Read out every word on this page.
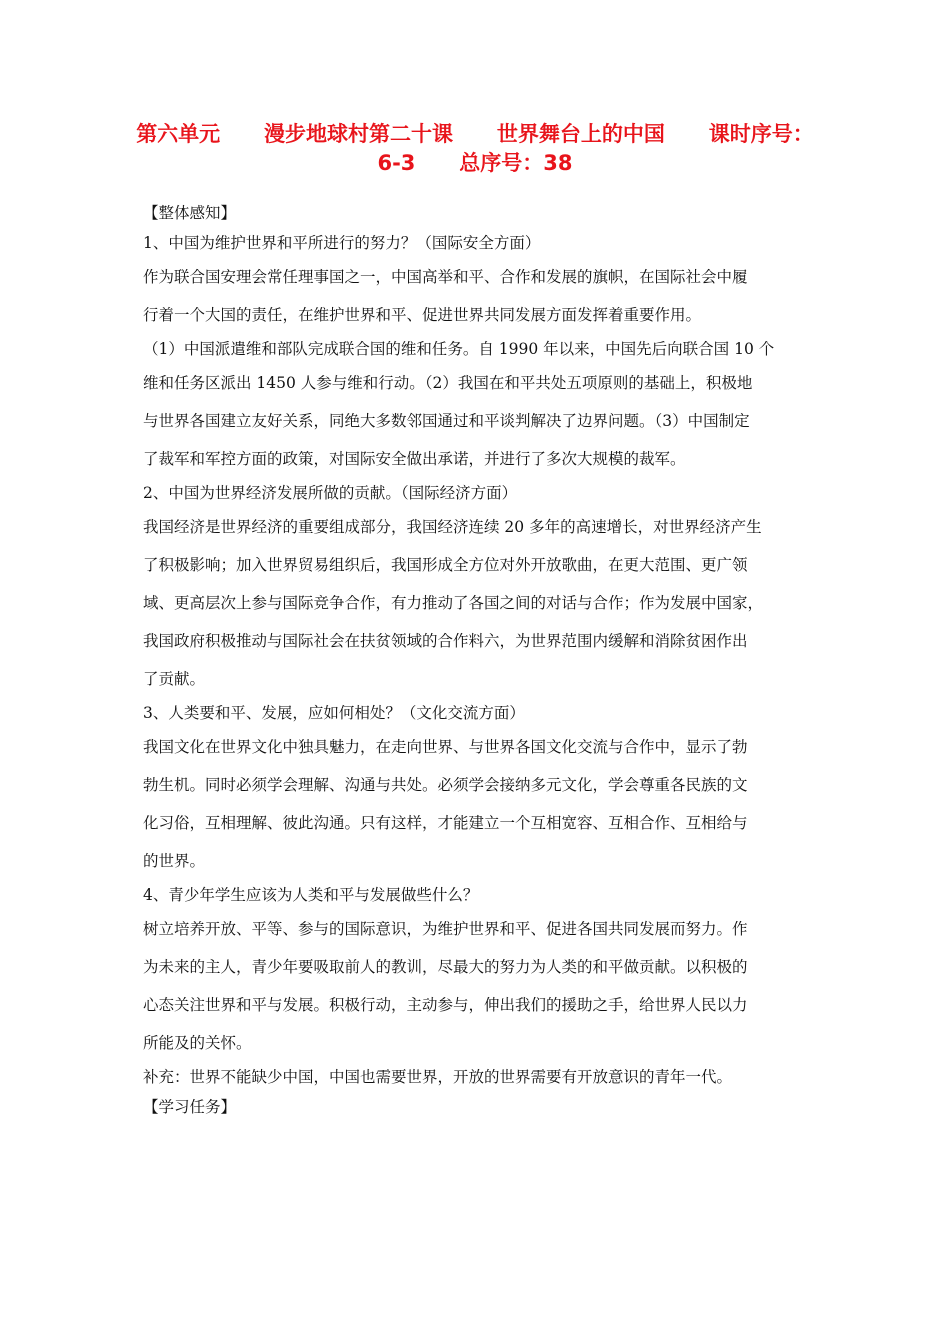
第六单元      漫步地球村第二十课      世界舞台上的中国      课时序号：
6-3      总序号：38
【整体感知】
1、中国为维护世界和平所进行的努力？（国际安全方面）
作为联合国安理会常任理事国之一，中国高举和平、合作和发展的旗帜，在国际社会中履
行着一个大国的责任，在维护世界和平、促进世界共同发展方面发挥着重要作用。
（1）中国派遣维和部队完成联合国的维和任务。自 1990 年以来，中国先后向联合国 10 个
维和任务区派出 1450 人参与维和行动。（2）我国在和平共处五项原则的基础上，积极地
与世界各国建立友好关系，同绝大多数邻国通过和平谈判解决了边界问题。（3）中国制定
了裁军和军控方面的政策，对国际安全做出承诺，并进行了多次大规模的裁军。
2、中国为世界经济发展所做的贡献。（国际经济方面）
我国经济是世界经济的重要组成部分，我国经济连续 20 多年的高速增长，对世界经济产生
了积极影响；加入世界贸易组织后，我国形成全方位对外开放歌曲，在更大范围、更广领
域、更高层次上参与国际竞争合作，有力推动了各国之间的对话与合作；作为发展中国家，
我国政府积极推动与国际社会在扶贫领域的合作料六，为世界范围内缓解和消除贫困作出
了贡献。
3、人类要和平、发展，应如何相处？（文化交流方面）
我国文化在世界文化中独具魅力，在走向世界、与世界各国文化交流与合作中，显示了勃
勃生机。同时必须学会理解、沟通与共处。必须学会接纳多元文化，学会尊重各民族的文
化习俗，互相理解、彼此沟通。只有这样，才能建立一个互相宽容、互相合作、互相给与
的世界。
4、青少年学生应该为人类和平与发展做些什么？
树立培养开放、平等、参与的国际意识，为维护世界和平、促进各国共同发展而努力。作
为未来的主人，青少年要吸取前人的教训，尽最大的努力为人类的和平做贡献。以积极的
心态关注世界和平与发展。积极行动，主动参与，伸出我们的援助之手，给世界人民以力
所能及的关怀。
补充：世界不能缺少中国，中国也需要世界，开放的世界需要有开放意识的青年一代。
【学习任务】
